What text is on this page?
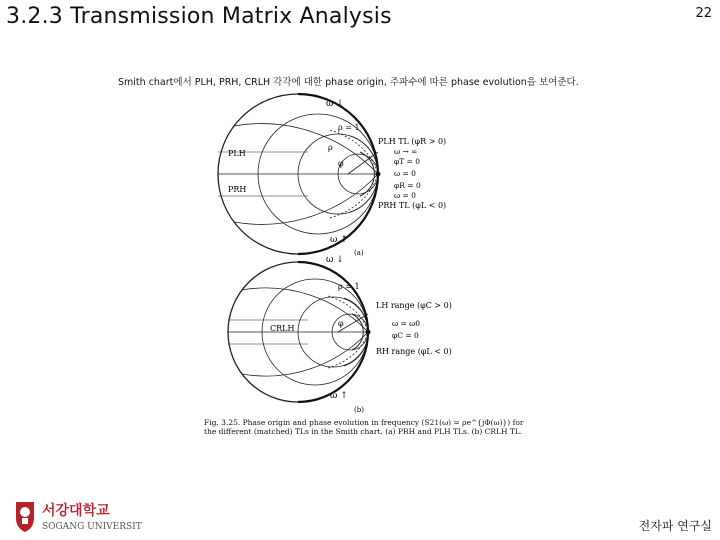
3.2.3 Transmission Matrix Analysis	22
Smith chart에서 PLH, PRH, CRLH 각각에 대한 phase origin, 주파수에 따른 phase evolution을 보여준다.
ω ↓
ρ = 1
PLH
PRH
ρ
φ
PLH TL (φR > 0)
ω → ∞
φT = 0
ω = 0
φR = 0
ω = 0
PRH TL (φL < 0)
ω ↑
(a)
ω ↓
ρ = 1
LH range (φC > 0)
CRLH
φ	ω = ω0
φC = 0
RH range (φL < 0)
ω ↑
(b)
Fig. 3.25. Phase origin and phase evolution in frequency (S21(ω) = ρe^{jΦ(ω)}) for the different (matched) TLs in the Smith chart. (a) PRH and PLH TLs. (b) CRLH TL.
서강대학교
SOGANG UNIVERSITY	전자파 연구실
